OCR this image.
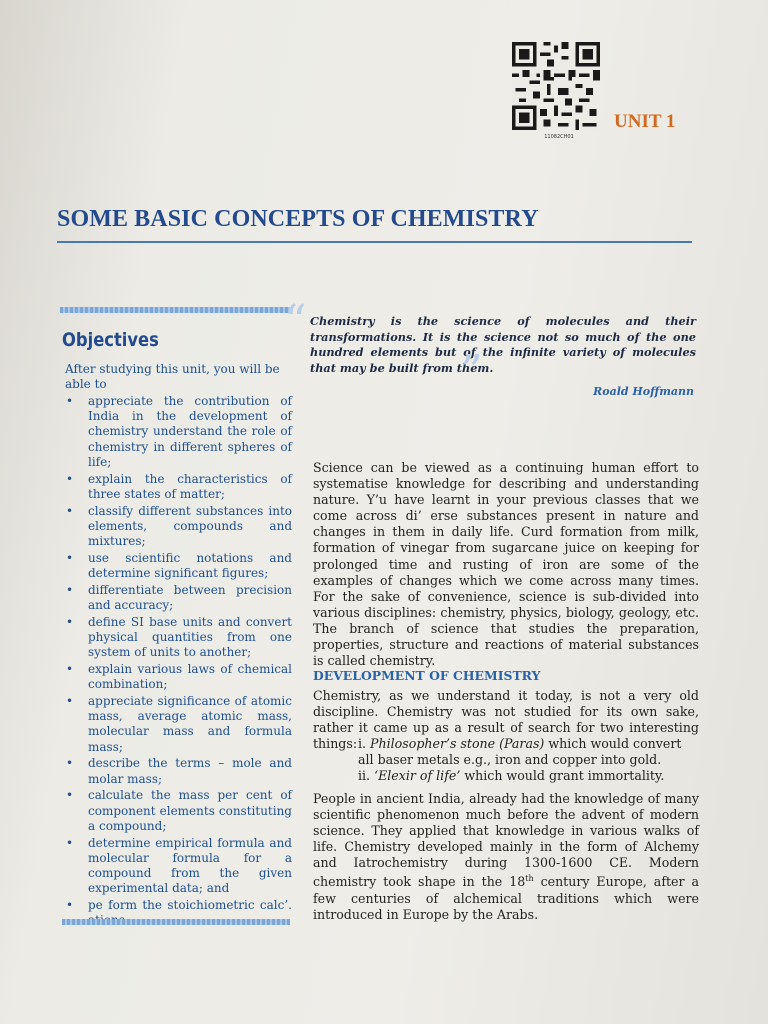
11082CH01
UNIT 1
SOME BASIC CONCEPTS OF CHEMISTRY
Objectives
After studying this unit, you will be able to
• appreciate the contribution of India in the development of chemistry understand the role of chemistry in different spheres of life;
• explain the characteristics of three states of matter;
• classify different substances into elements, compounds and mixtures;
• use scientific notations and determine significant figures;
• differentiate between precision and accuracy;
• define SI base units and convert physical quantities from one system of units to another;
• explain various laws of chemical combination;
• appreciate significance of atomic mass, average atomic mass, molecular mass and formula mass;
• describe the terms – mole and molar mass;
• calculate the mass per cent of component elements constituting a compound;
• determine empirical formula and molecular formula for a compound from the given experimental data; and
• pe form the stoichiometric calc’.
“ Chemistry is the science of molecules and their transformations. It is the science not so much of the one hundred elements but of the infinite variety of molecules that may be built from them.
”	Roald Hoffmann

Science can be viewed as a continuing human effort to systematise knowledge for describing and understanding nature. Y’u have learnt in your previous classes that we come across di’ erse substances present in nature and changes in them in daily life. Curd formation from milk, formation of vinegar from sugarcane juice on keeping for prolonged time and rusting of iron are some of the examples of changes which we come across many times. For the sake of convenience, science is sub-divided into various disciplines: chemistry, physics, biology, geology, etc. The branch of science that studies the preparation, properties, structure and reactions of material substances is called chemistry.

DEVELOPMENT OF CHEMISTRY

Chemistry, as we understand it today, is not a very old discipline. Chemistry was not studied for its own sake, rather it came up as a result of search for two interesting things: i. Philosopher’s stone (Paras) which would convert all baser metals e.g., iron and copper into gold.

ii. ‘Elexir of life’ which would grant immortality.

People in ancient India, already had the knowledge of many scientific phenomenon much before the advent of modern science. They applied that knowledge in various walks of life. Chemistry developed mainly in the form of Alchemy and Iatrochemistry during 1300-1600 CE. Modern chemistry took shape in the 18th century Europe, after a few centuries of alchemical traditions which were introduced in Europe by the Arabs.
